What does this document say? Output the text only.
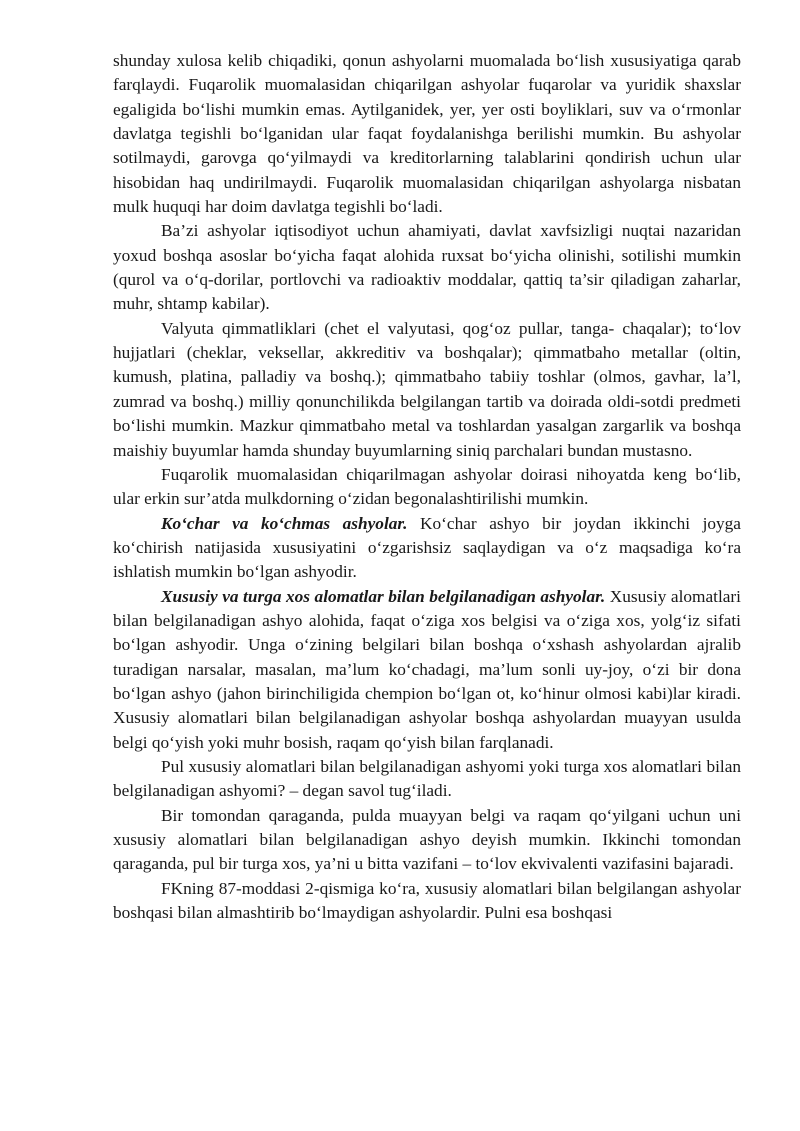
shunday xulosa kelib chiqadiki, qonun ashyolarni muomalada bo‘lish xususiyatiga qarab farqlaydi. Fuqarolik muomalasidan chiqarilgan ashyolar fuqarolar va yuridik shaxslar egaligida bo‘lishi mumkin emas. Aytilganidek, yer, yer osti boyliklari, suv va o‘rmonlar davlatga tegishli bo‘lganidan ular faqat foydalanishga berilishi mumkin. Bu ashyolar sotilmaydi, garovga qo‘yilmaydi va kreditorlarning talablarini qondirish uchun ular hisobidan haq undirilmaydi. Fuqarolik muomalasidan chiqarilgan ashyolarga nisbatan mulk huquqi har doim davlatga tegishli bo‘ladi.

Ba’zi ashyolar iqtisodiyot uchun ahamiyati, davlat xavfsizligi nuqtai nazaridan yoxud boshqa asoslar bo‘yicha faqat alohida ruxsat bo‘yicha olinishi, sotilishi mumkin (qurol va o‘q-dorilar, portlovchi va radioaktiv moddalar, qattiq ta’sir qiladigan zaharlar, muhr, shtamp kabilar).

Valyuta qimmatliklari (chet el valyutasi, qog‘oz pullar, tanga- chaqalar); to‘lov hujjatlari (cheklar, veksellar, akkreditiv va boshqalar); qimmatbaho metallar (oltin, kumush, platina, palladiy va boshq.); qimmatbaho tabiiy toshlar (olmos, gavhar, la’l, zumrad va boshq.) milliy qonunchilikda belgilangan tartib va doirada oldi-sotdi predmeti bo‘lishi mumkin. Mazkur qimmatbaho metal va toshlardan yasalgan zargarlik va boshqa maishiy buyumlar hamda shunday buyumlarning siniq parchalari bundan mustasno.

Fuqarolik muomalasidan chiqarilmagan ashyolar doirasi nihoyatda keng bo‘lib, ular erkin sur’atda mulkdorning o‘zidan begonalashtirilishi mumkin.

Ko‘char va ko‘chmas ashyolar. Ko‘char ashyo bir joydan ikkinchi joyga ko‘chirish natijasida xususiyatini o‘zgarishsiz saqlaydigan va o‘z maqsadiga ko‘ra ishlatish mumkin bo‘lgan ashyodir.

Xususiy va turga xos alomatlar bilan belgilanadigan ashyolar. Xususiy alomatlari bilan belgilanadigan ashyo alohida, faqat o‘ziga xos belgisi va o‘ziga xos, yolg‘iz sifati bo‘lgan ashyodir. Unga o‘zining belgilari bilan boshqa o‘xshash ashyolardan ajralib turadigan narsalar, masalan, ma’lum ko‘chadagi, ma’lum sonli uy-joy, o‘zi bir dona bo‘lgan ashyo (jahon birinchiligida chempion bo‘lgan ot, ko‘hinur olmosi kabi)lar kiradi. Xususiy alomatlari bilan belgilanadigan ashyolar boshqa ashyolardan muayyan usulda belgi qo‘yish yoki muhr bosish, raqam qo‘yish bilan farqlanadi.

Pul xususiy alomatlari bilan belgilanadigan ashyomi yoki turga xos alomatlari bilan belgilanadigan ashyomi? – degan savol tug‘iladi.

Bir tomondan qaraganda, pulda muayyan belgi va raqam qo‘yilgani uchun uni xususiy alomatlari bilan belgilanadigan ashyo deyish mumkin. Ikkinchi tomondan qaraganda, pul bir turga xos, ya’ni u bitta vazifani – to‘lov ekvivalenti vazifasini bajaradi.

FKning 87-moddasi 2-qismiga ko‘ra, xususiy alomatlari bilan belgilangan ashyolar boshqasi bilan almashtirib bo‘lmaydigan ashyolardir. Pulni esa boshqasi
